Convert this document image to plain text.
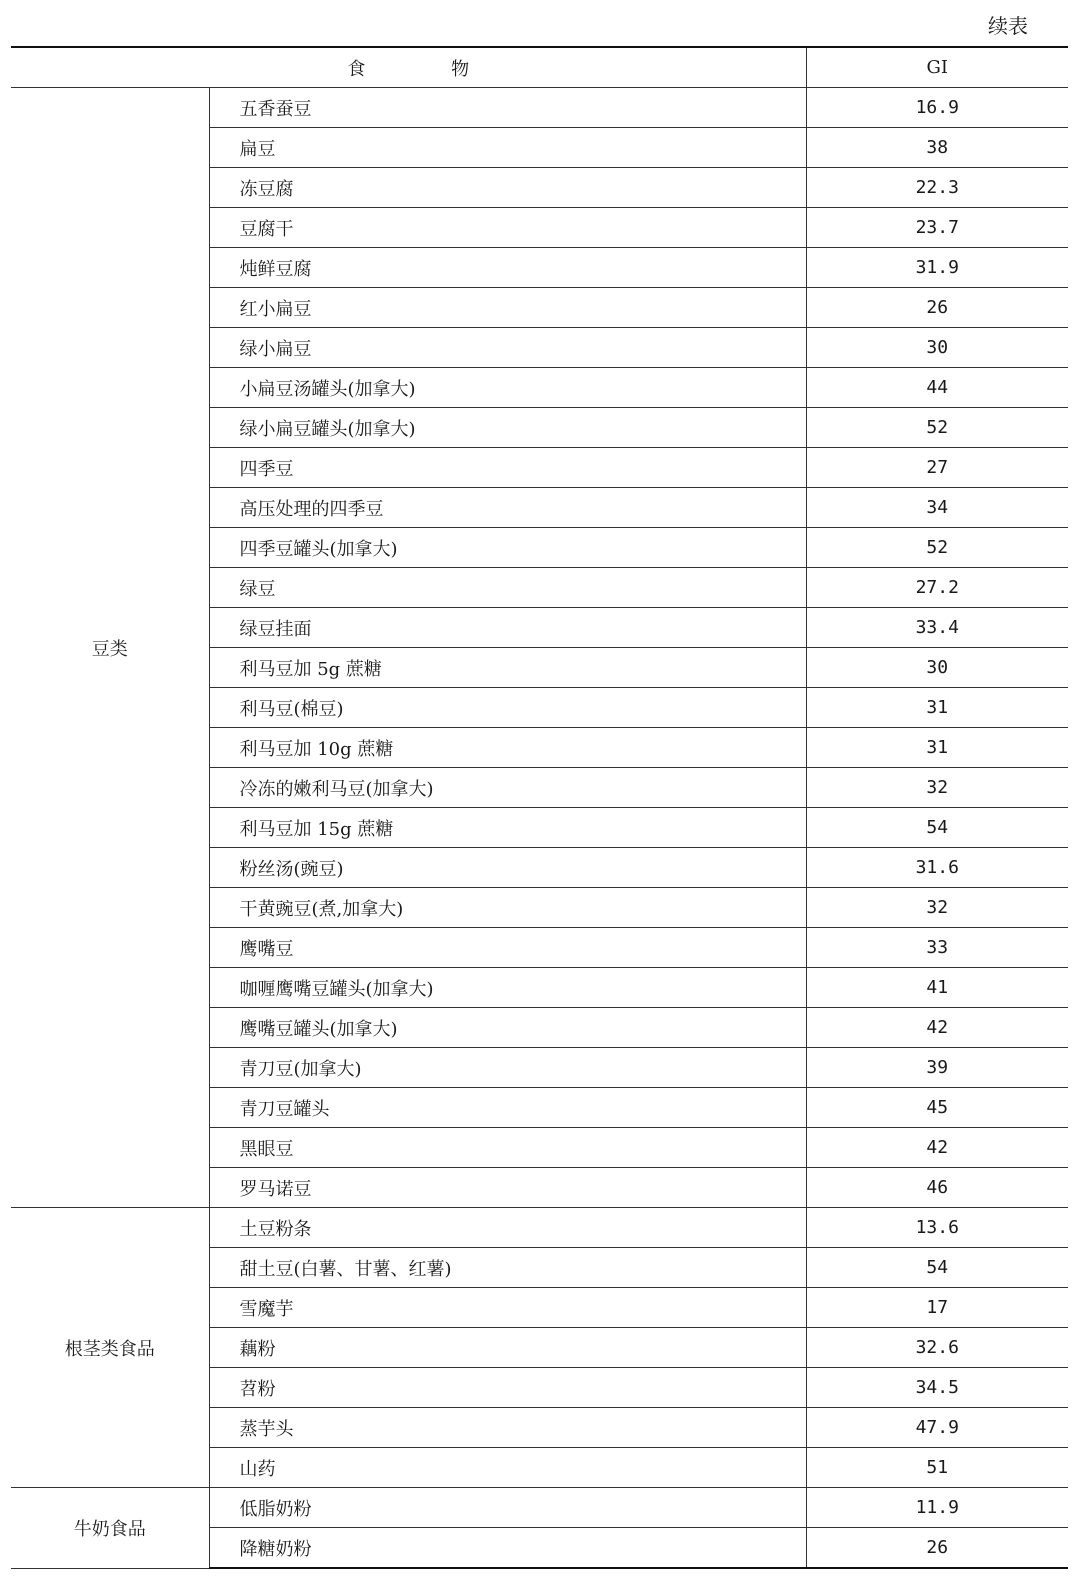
续表
食 物		GI
豆类	五香蚕豆	16.9
	扁豆	38
	冻豆腐	22.3
	豆腐干	23.7
	炖鲜豆腐	31.9
	红小扁豆	26
	绿小扁豆	30
	小扁豆汤罐头(加拿大)	44
	绿小扁豆罐头(加拿大)	52
	四季豆	27
	高压处理的四季豆	34
	四季豆罐头(加拿大)	52
	绿豆	27.2
	绿豆挂面	33.4
	利马豆加 5g 蔗糖	30
	利马豆(棉豆)	31
	利马豆加 10g 蔗糖	31
	冷冻的嫩利马豆(加拿大)	32
	利马豆加 15g 蔗糖	54
	粉丝汤(豌豆)	31.6
	干黄豌豆(煮,加拿大)	32
	鹰嘴豆	33
	咖喱鹰嘴豆罐头(加拿大)	41
	鹰嘴豆罐头(加拿大)	42
	青刀豆(加拿大)	39
	青刀豆罐头	45
	黑眼豆	42
	罗马诺豆	46
根茎类食品	土豆粉条	13.6
	甜土豆(白薯、甘薯、红薯)	54
	雪魔芋	17
	藕粉	32.6
	苕粉	34.5
	蒸芋头	47.9
	山药	51
牛奶食品	低脂奶粉	11.9
	降糖奶粉	26
